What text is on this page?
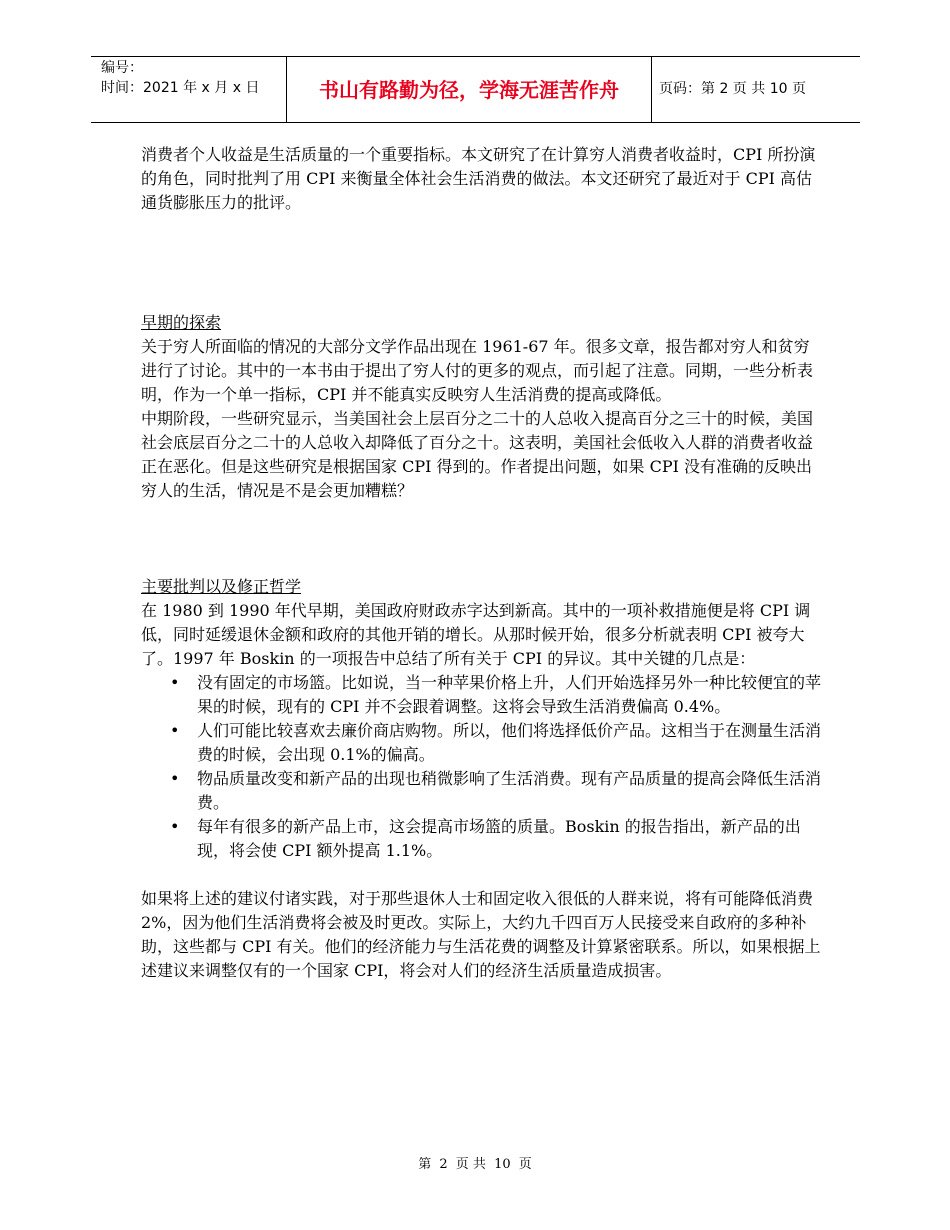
编号：
时间：2021 年 x 月 x 日	书山有路勤为径，学海无涯苦作舟	页码：第 2 页 共 10 页

消费者个人收益是生活质量的一个重要指标。本文研究了在计算穷人消费者收益时，CPI 所扮演的角色，同时批判了用 CPI 来衡量全体社会生活消费的做法。本文还研究了最近对于 CPI 高估通货膨胀压力的批评。

早期的探索

关于穷人所面临的情况的大部分文学作品出现在 1961-67 年。很多文章，报告都对穷人和贫穷进行了讨论。其中的一本书由于提出了穷人付的更多的观点，而引起了注意。同期，一些分析表明，作为一个单一指标，CPI 并不能真实反映穷人生活消费的提高或降低。

中期阶段，一些研究显示，当美国社会上层百分之二十的人总收入提高百分之三十的时候，美国社会底层百分之二十的人总收入却降低了百分之十。这表明，美国社会低收入人群的消费者收益正在恶化。但是这些研究是根据国家 CPI 得到的。作者提出问题，如果 CPI 没有准确的反映出穷人的生活，情况是不是会更加糟糕？

主要批判以及修正哲学

在 1980 到 1990 年代早期，美国政府财政赤字达到新高。其中的一项补救措施便是将 CPI 调低，同时延缓退休金额和政府的其他开销的增长。从那时候开始，很多分析就表明 CPI 被夸大了。1997 年 Boskin 的一项报告中总结了所有关于 CPI 的异议。其中关键的几点是：

• 没有固定的市场篮。比如说，当一种苹果价格上升，人们开始选择另外一种比较便宜的苹果的时候，现有的 CPI 并不会跟着调整。这将会导致生活消费偏高 0.4%。
• 人们可能比较喜欢去廉价商店购物。所以，他们将选择低价产品。这相当于在测量生活消费的时候，会出现 0.1%的偏高。
• 物品质量改变和新产品的出现也稍微影响了生活消费。现有产品质量的提高会降低生活消费。
• 每年有很多的新产品上市，这会提高市场篮的质量。Boskin 的报告指出，新产品的出现，将会使 CPI 额外提高 1.1%。

如果将上述的建议付诸实践，对于那些退休人士和固定收入很低的人群来说，将有可能降低消费 2%，因为他们生活消费将会被及时更改。实际上，大约九千四百万人民接受来自政府的多种补助，这些都与 CPI 有关。他们的经济能力与生活花费的调整及计算紧密联系。所以，如果根据上述建议来调整仅有的一个国家 CPI，将会对人们的经济生活质量造成损害。

第 2 页 共 10 页
